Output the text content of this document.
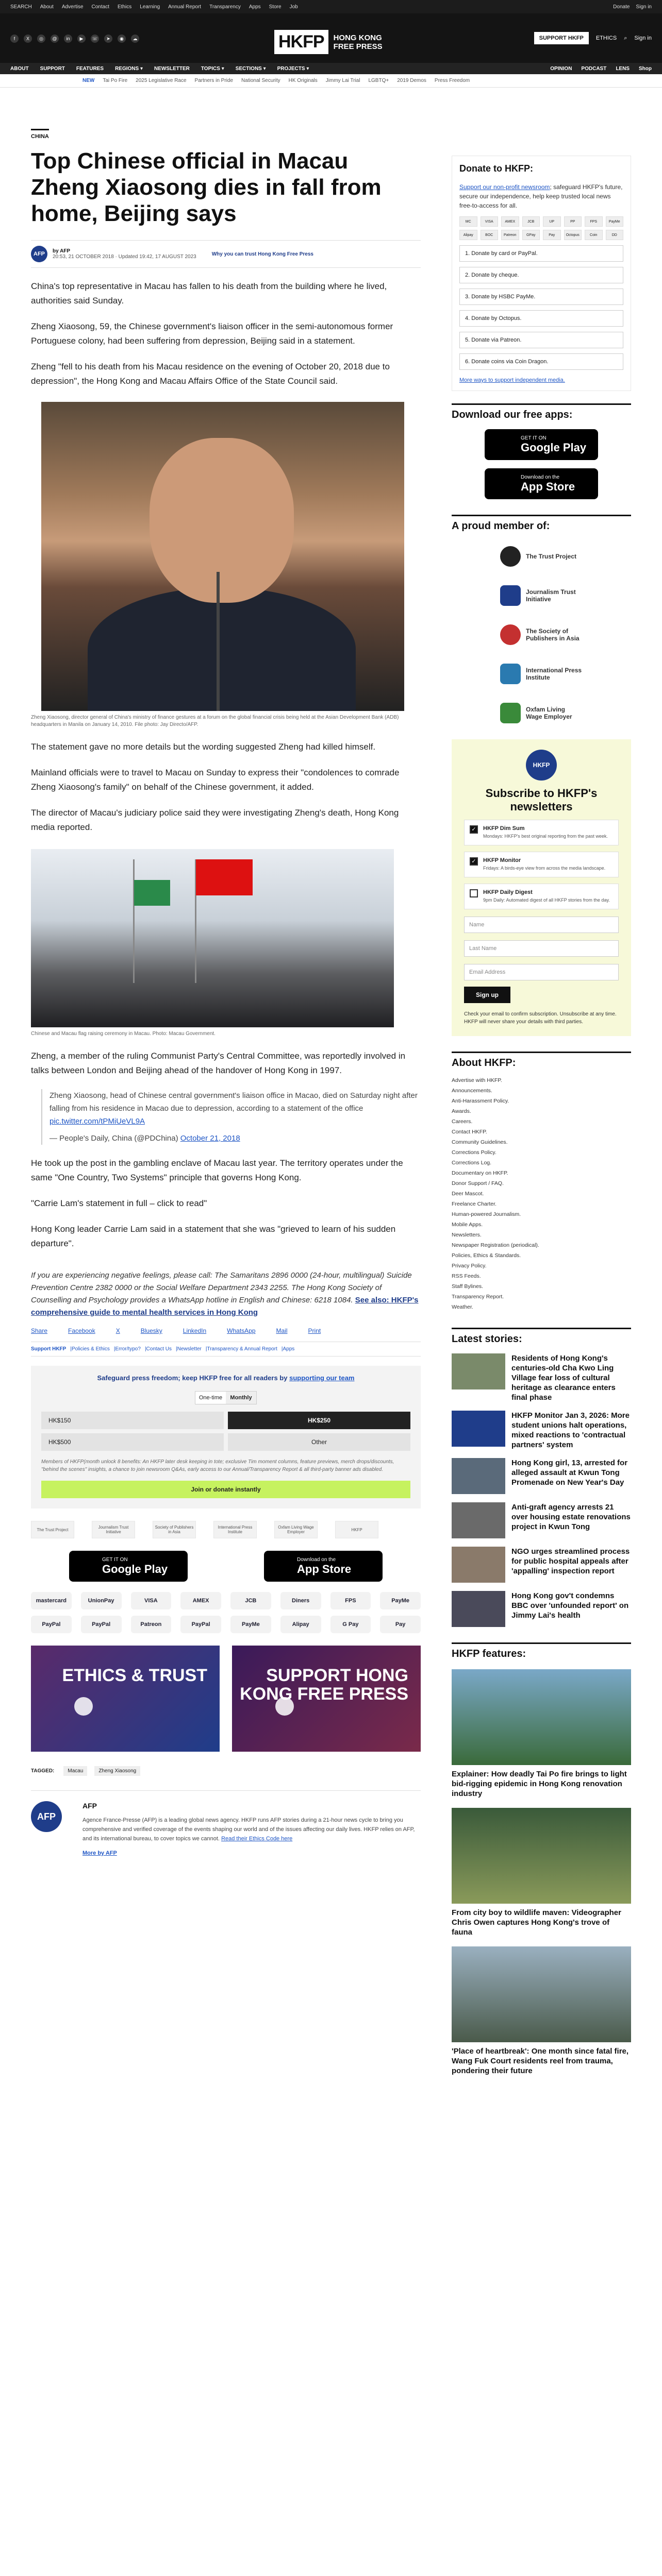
SEARCH About Advertise Contact Ethics Learning Annual Report Transparency Apps Store Job	Donate Sign in
f X ◎ @ in ▶ ☏ ➤ ◉ ☁	HKFP	HONG KONG
FREE PRESS
SUPPORT HKFP	ETHICS ⌕ Sign in
ABOUT SUPPORT FEATURES REGIONS ▾ NEWSLETTER TOPICS ▾ SECTIONS ▾ PROJECTS ▾	OPINION PODCAST LENS Shop
NEW Tai Po Fire 2025 Legislative Race Partners in Pride National Security HK Originals Jimmy Lai Trial LGBTQ+ 2019 Demos Press Freedom
CHINA
Top Chinese official in Macau Zheng Xiaosong dies in fall from home, Beijing says
AFP	by AFP
20:53, 21 OCTOBER 2018 · Updated 19:42, 17 AUGUST 2023	Why you can trust Hong Kong Free Press

China's top representative in Macau has fallen to his death from the building where he lived, authorities said Sunday.

Zheng Xiaosong, 59, the Chinese government's liaison officer in the semi-autonomous former Portuguese colony, had been suffering from depression, Beijing said in a statement.

Zheng "fell to his death from his Macau residence on the evening of October 20, 2018 due to depression", the Hong Kong and Macau Affairs Office of the State Council said.

Zheng Xiaosong, director general of China's ministry of finance gestures at a forum on the global financial crisis being held at the Asian Development Bank (ADB) headquarters in Manila on January 14, 2010. File photo: Jay Directo/AFP.

The statement gave no more details but the wording suggested Zheng had killed himself.

Mainland officials were to travel to Macau on Sunday to express their "condolences to comrade Zheng Xiaosong's family" on behalf of the Chinese government, it added.

The director of Macau's judiciary police said they were investigating Zheng's death, Hong Kong media reported.

Chinese and Macau flag raising ceremony in Macau. Photo: Macau Government.

Zheng, a member of the ruling Communist Party's Central Committee, was reportedly involved in talks between London and Beijing ahead of the handover of Hong Kong in 1997.

Zheng Xiaosong, head of Chinese central government's liaison office in Macao, died on Saturday night after falling from his residence in Macao due to depression, according to a statement of the office pic.twitter.com/tPMiUeVL9A
— People's Daily, China (@PDChina) October 21, 2018

He took up the post in the gambling enclave of Macau last year. The territory operates under the same "One Country, Two Systems" principle that governs Hong Kong.

"Carrie Lam's statement in full – click to read"

Hong Kong leader Carrie Lam said in a statement that she was "grieved to learn of his sudden departure".

If you are experiencing negative feelings, please call: The Samaritans 2896 0000 (24-hour, multilingual) Suicide Prevention Centre 2382 0000 or the Social Welfare Department 2343 2255. The Hong Kong Society of Counselling and Psychology provides a WhatsApp hotline in English and Chinese: 6218 1084. See also: HKFP's comprehensive guide to mental health services in Hong Kong
Share	Facebook	X	Bluesky	LinkedIn	WhatsApp	Mail	Print
Support HKFP | Policies & Ethics | Error/typo? | Contact Us | Newsletter | Transparency & Annual Report | Apps
Safeguard press freedom; keep HKFP free for all readers by supporting our team
One-time	Monthly
HK$150	HK$250
HK$500	Other
Members of HKFP(month unlock 8 benefits: An HKFP later desk keeping in tote; exclusive Tim moment columns, feature previews, merch drops/discounts, "behind the scenes" insights, a chance to join newsroom Q&As, early access to our Annual/Transparency Report & all third-party banner ads disabled.
Join or donate instantly
The Trust Project	Journalism Trust Initiative
Society of Publishers in Asia
International Press Institute
Oxfam Living Wage Employer	HKFP
GET IT ON
Google Play
Download on the
App Store
mastercard	UnionPay	VISA	AMEX	JCB	Diners	FPS	PayMe
PayPal	PayPal	Patreon	PayPal	PayMe	Alipay	G Pay	Pay
ETHICS & TRUST	SUPPORT HONG KONG FREE PRESS
TAGGED:	Macau	Zheng Xiaosong
AFP
AFP
Agence France-Presse (AFP) is a leading global news agency. HKFP runs AFP stories during a 21-hour news cycle to bring you comprehensive and verified coverage of the events shaping our world and of the issues affecting our daily lives. HKFP relies on AFP, and its international bureau, to cover topics we cannot. Read their Ethics Code here
More by AFP
Donate to HKFP:
Support our non-profit newsroom; safeguard HKFP's future, secure our independence, help keep trusted local news free-to-access for all.
MC	VISA	AMEX	JCB	UP	PP	FPS	PayMe
Alipay	BOC	Patreon	GPay	Pay	Octopus	Coin	DD
1. Donate by card or PayPal.
2. Donate by cheque.
3. Donate by HSBC PayMe.
4. Donate by Octopus.
5. Donate via Patreon.
6. Donate coins via Coin Dragon.
More ways to support independent media.
Download our free apps:
GET IT ON
Google Play
Download on the
App Store
A proud member of:
The Trust Project
Journalism Trust Initiative
The Society of Publishers in Asia
International Press Institute
Oxfam Living Wage Employer
HKFP
Subscribe to HKFP's newsletters
✓	HKFP Dim Sum
Mondays: HKFP's best original reporting from the past week.
✓	HKFP Monitor
Fridays: A birds-eye view from across the media landscape.
HKFP Daily Digest
9pm Daily: Automated digest of all HKFP stories from the day.
Name
Last Name
Email Address
Sign up
Check your email to confirm subscription. Unsubscribe at any time. HKFP will never share your details with third parties.
About HKFP:
Advertise with HKFP.
Announcements.
Anti-Harassment Policy.
Awards.
Careers.
Contact HKFP.
Community Guidelines.
Corrections Policy.
Corrections Log.
Documentary on HKFP.
Donor Support / FAQ.
Deer Mascot.
Freelance Charter.
Human-powered Journalism.
Mobile Apps.
Newsletters.
Newspaper Registration (periodical).
Policies, Ethics & Standards.
Privacy Policy.
RSS Feeds.
Staff Bylines.
Transparency Report.
Weather.
Latest stories:
Residents of Hong Kong's centuries-old Cha Kwo Ling Village fear loss of cultural heritage as clearance enters final phase
HKFP Monitor Jan 3, 2026: More student unions halt operations, mixed reactions to 'contractual partners' system
Hong Kong girl, 13, arrested for alleged assault at Kwun Tong Promenade on New Year's Day
Anti-graft agency arrests 21 over housing estate renovations project in Kwun Tong
NGO urges streamlined process for public hospital appeals after 'appalling' inspection report
Hong Kong gov't condemns BBC over 'unfounded report' on Jimmy Lai's health
HKFP features:
Explainer: How deadly Tai Po fire brings to light bid-rigging epidemic in Hong Kong renovation industry
From city boy to wildlife maven: Videographer Chris Owen captures Hong Kong's trove of fauna
'Place of heartbreak': One month since fatal fire, Wang Fuk Court residents reel from trauma, pondering their future
